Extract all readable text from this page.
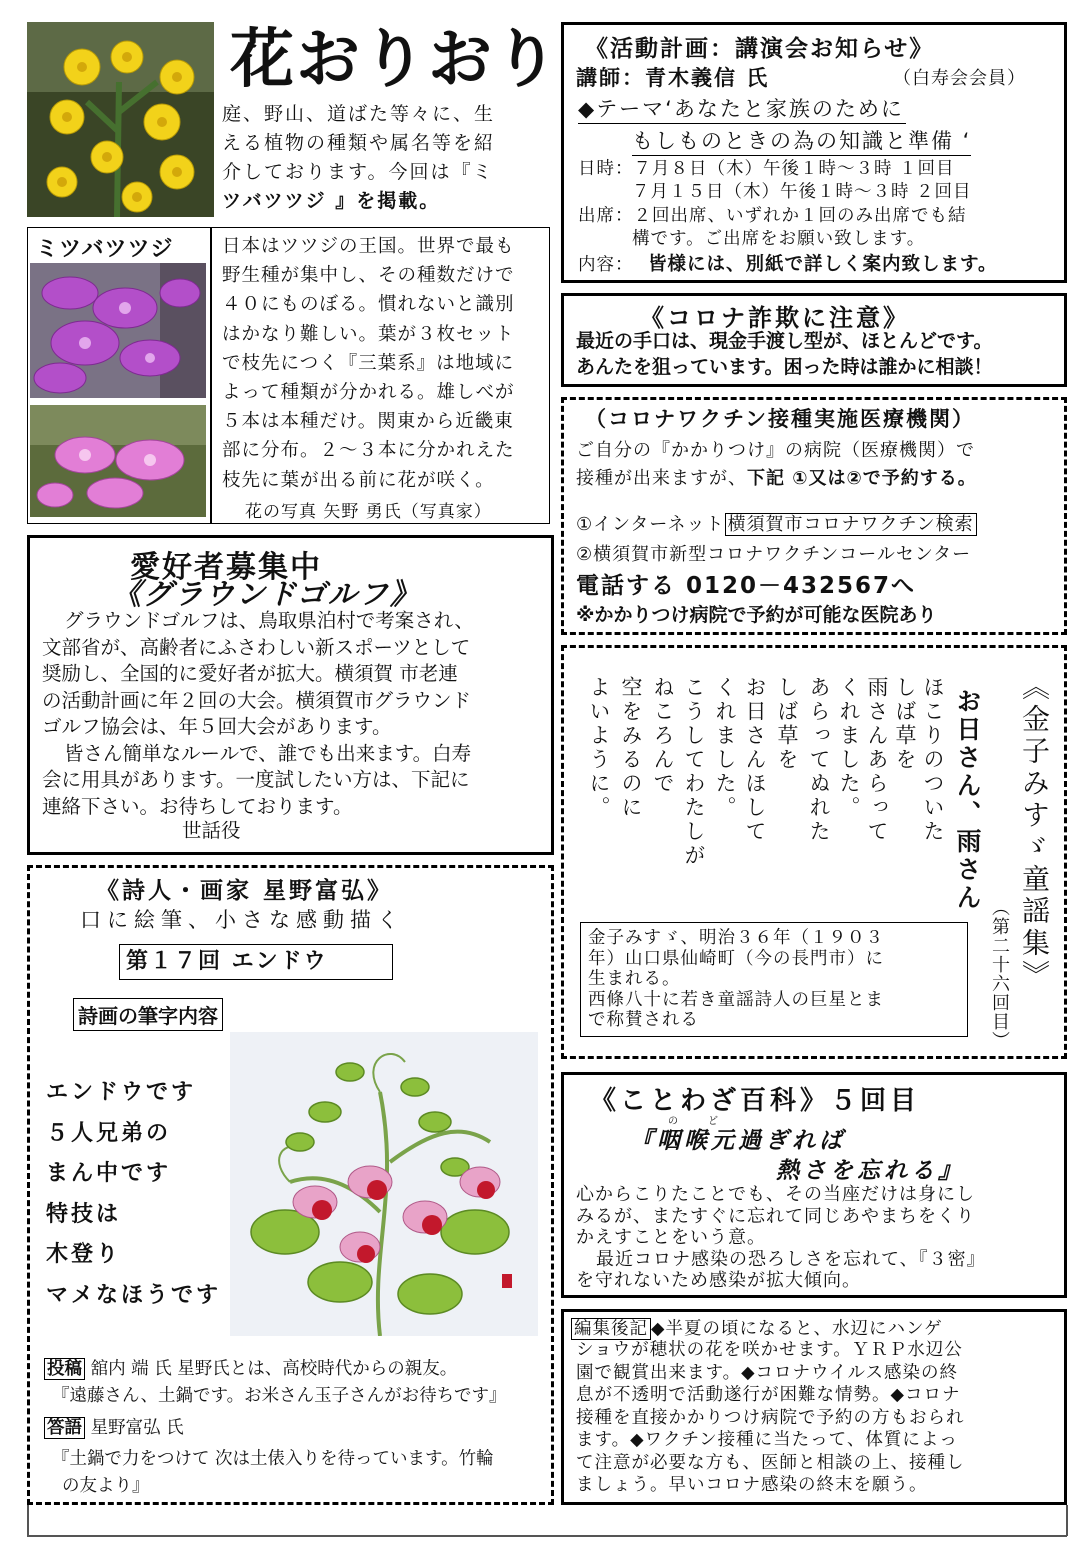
花おりおり

庭、野山、道ばた等々に、生

える植物の種類や属名等を紹

介しております。今回は『ミ

ツバツツジ 』を掲載。

ミツバツツジ	日本はツツジの王国。世界で最も

野生種が集中し、その種数だけで

４０にものぼる。慣れないと識別

はかなり難しい。葉が３枚セット

で枝先につく『三葉系』は地域に

よって種類が分かれる。雄しべが

５本は本種だけ。関東から近畿東

部に分布。２～３本に分かれえた

枝先に葉が出る前に花が咲く。

花の写真 矢野 勇氏（写真家）
《活動計画：講演会お知らせ》
講師：青木義信 氏	（白寿会会員）
◆テーマ‘あなたと家族のために
もしものときの為の知識と準備 ‘
日時：７月８日（木）午後１時～３時 １回目
７月１５日（木）午後１時～３時 ２回目
出席：２回出席、いずれか１回のみ出席でも結
構です。ご出席をお願い致します。
内容： 皆様には、別紙で詳しく案内致します。
《コロナ詐欺に注意》
最近の手口は、現金手渡し型が、ほとんどです。
あんたを狙っています。困った時は誰かに相談！
（コロナワクチン接種実施医療機関）
ご自分の『かかりつけ』の病院（医療機関）で
接種が出来ますが、下記 ①又は②で予約する。
①インターネット 横須賀市コロナワクチン検索
②横須賀市新型コロナワクチンコールセンター
電話する 0120－432567へ
※かかりつけ病院で予約が可能な医院あり
愛好者募集中
《グラウンドゴルフ》

グラウンドゴルフは、鳥取県泊村で考案され、

文部省が、高齢者にふさわしい新スポーツとして

奨励し、全国的に愛好者が拡大。横須賀 市老連

の活動計画に年２回の大会。横須賀市グラウンド

ゴルフ協会は、年５回大会があります。

皆さん簡単なルールで、誰でも出来ます。白寿

会に用具があります。一度試したい方は、下記に

連絡下さい。お待ちしております。

世話役	《金子みすゞ童謡集》
（第二十六回目）
お日さん、雨さん
ほこりのついた
しば草を
雨さんあらって
くれました。
あらってぬれた
しば草を
お日さんほして
くれました。
こうしてわたしが
ねころんで
空をみるのに
よいように。

金子みすゞ、明治３６年（１９０３

年）山口県仙崎町（今の長門市）に

生まれる。

西條八十に若き童謡詩人の巨星とま

で称賛される

《詩人・画家 星野富弘》
口に絵筆、小さな感動描く
第１７回 エンドウ
詩画の筆字内容

エンドウです

５人兄弟の

まん中です

特技は

木登り

マメなほうです

投稿 舘内 端 氏 星野氏とは、高校時代からの親友。
『遠藤さん、土鍋です。お米さん玉子さんがお待ちです』
答語 星野富弘 氏
『土鍋で力をつけて 次は土俵入りを待っています。竹輪
の友より』
《ことわざ百科》５回目
の	ど
『咽喉元過ぎれば
熱さを忘れる』

心からこりたことでも、その当座だけは身にし

みるが、またすぐに忘れて同じあやまちをくり

かえすことをいう意。

最近コロナ感染の恐ろしさを忘れて、『３密』

を守れないため感染が拡大傾向。

編集後記 ◆半夏の頃になると、水辺にハンゲ

ショウが穂状の花を咲かせます。ＹＲＰ水辺公

園で観賞出来ます。◆コロナウイルス感染の終

息が不透明で活動遂行が困難な情勢。◆コロナ

接種を直接かかりつけ病院で予約の方もおられ

ます。◆ワクチン接種に当たって、体質によっ

て注意が必要な方も、医師と相談の上、接種し

ましょう。早いコロナ感染の終末を願う。
